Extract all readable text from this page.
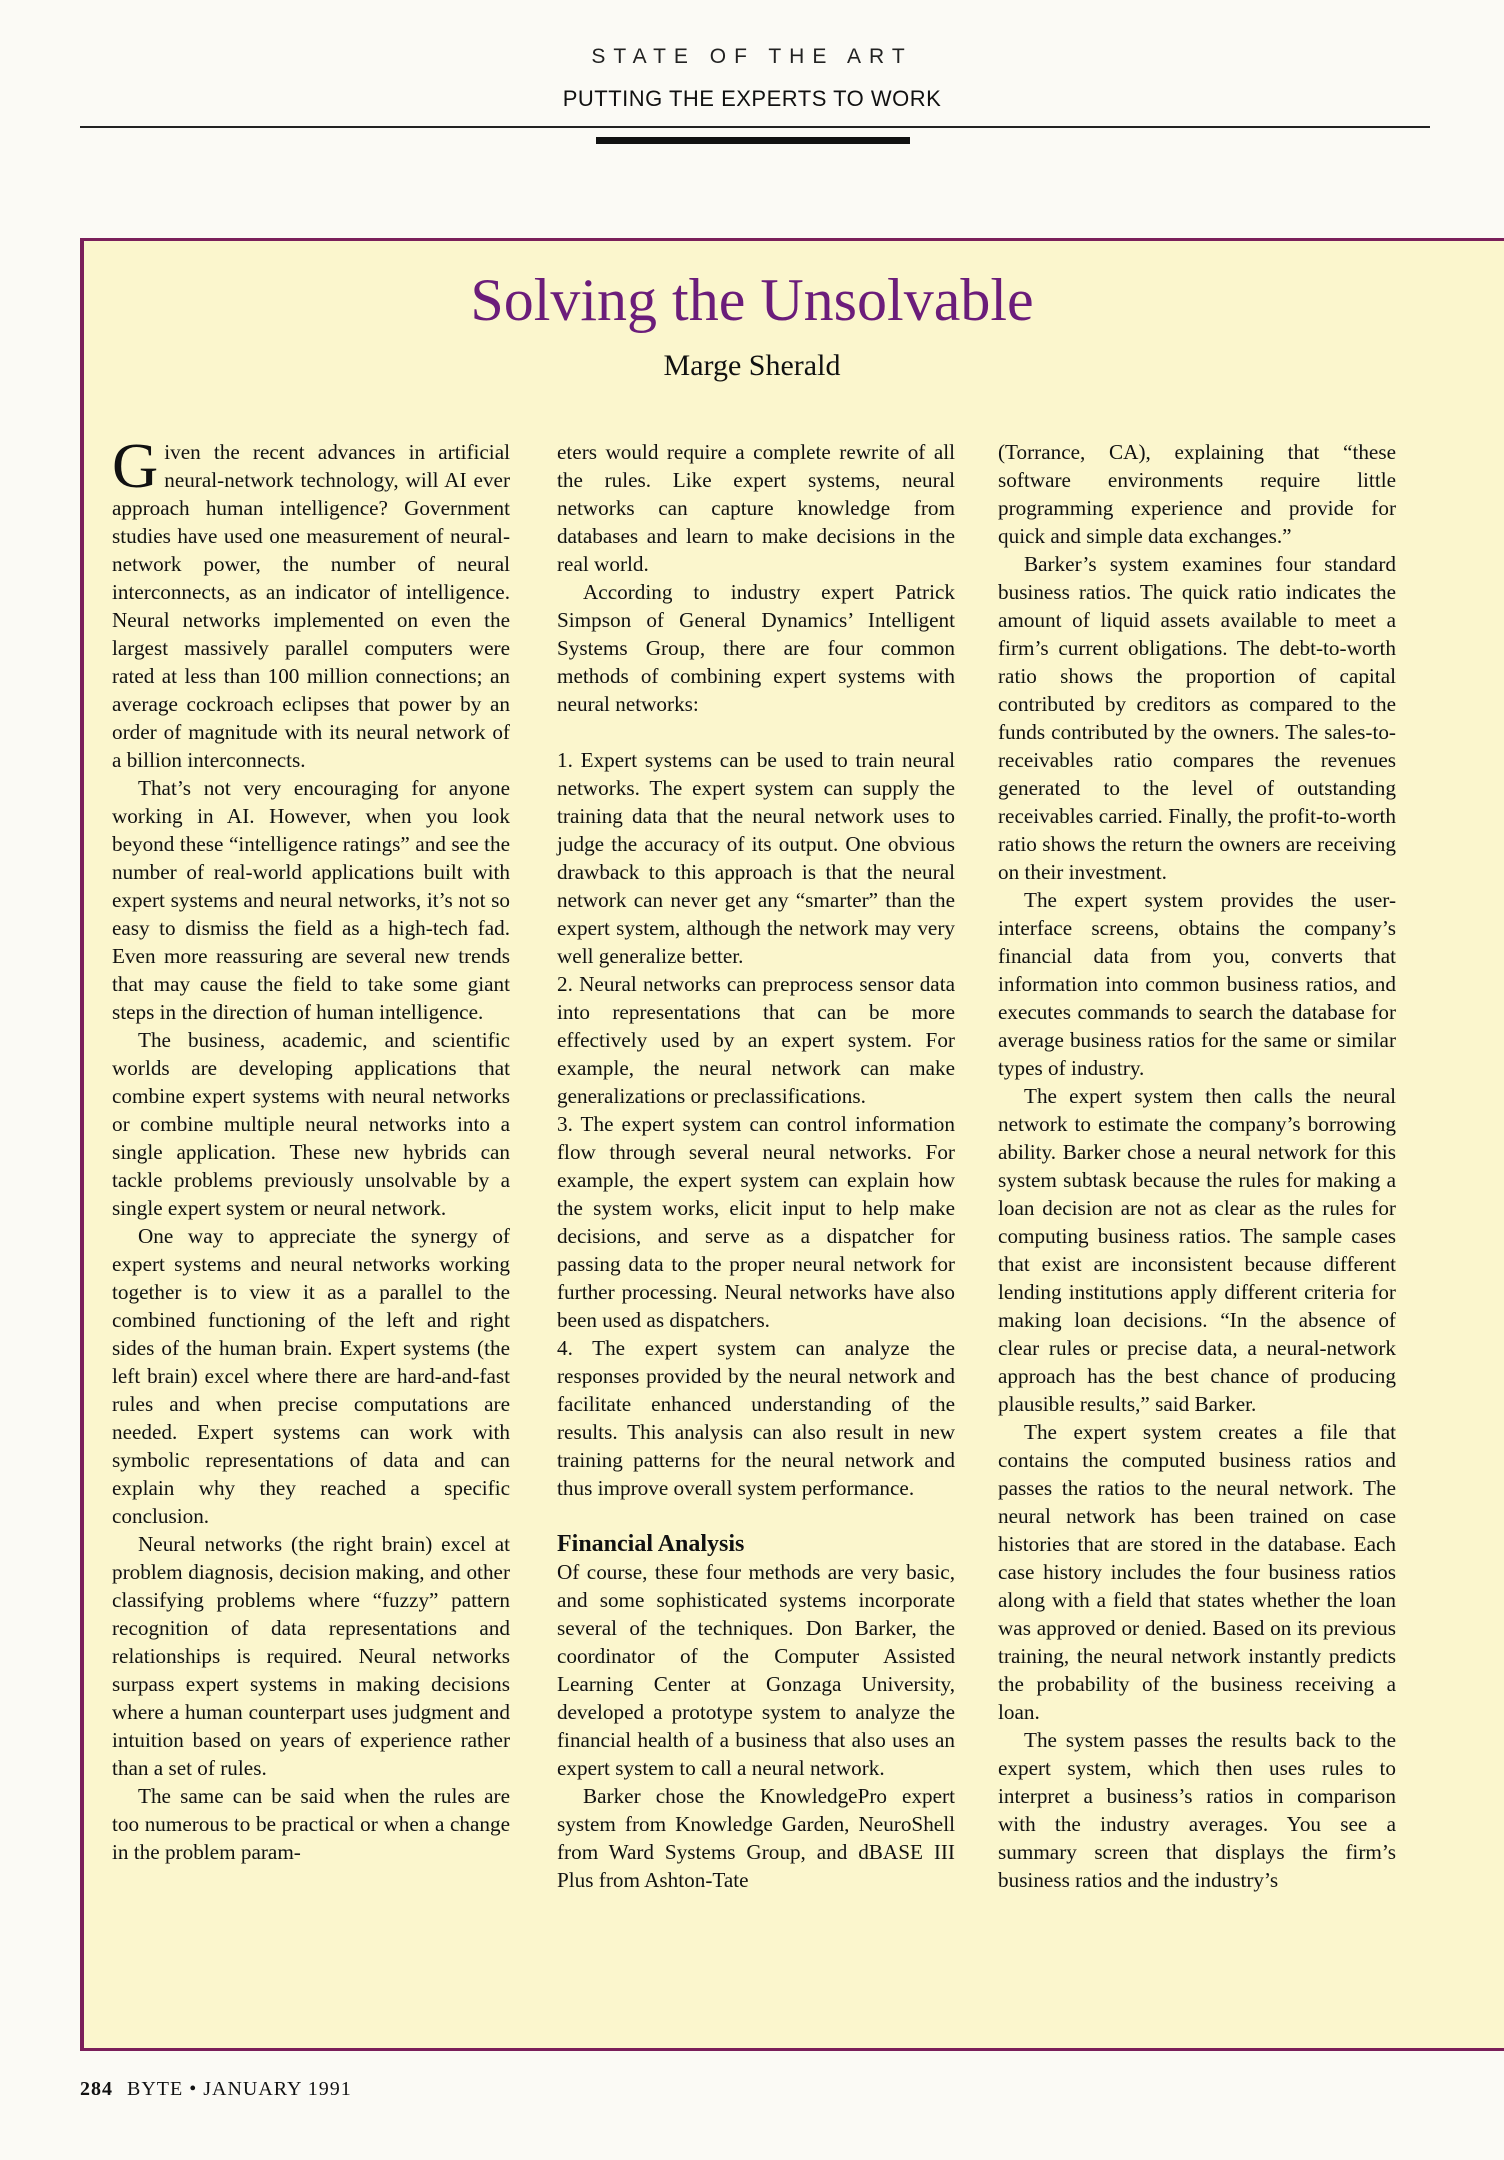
STATE OF THE ART
PUTTING THE EXPERTS TO WORK
Solving the Unsolvable
Marge Sherald

Given the recent advances in artificial neural-network technology, will AI ever approach human intelligence? Government studies have used one measurement of neural-network power, the number of neural interconnects, as an indicator of intelligence. Neural networks implemented on even the largest massively parallel computers were rated at less than 100 million connections; an average cockroach eclipses that power by an order of magnitude with its neural network of a billion interconnects.

That’s not very encouraging for anyone working in AI. However, when you look beyond these “intelligence ratings” and see the number of real-world applications built with expert systems and neural networks, it’s not so easy to dismiss the field as a high-tech fad. Even more reassuring are several new trends that may cause the field to take some giant steps in the direction of human intelligence.

The business, academic, and scientific worlds are developing applications that combine expert systems with neural networks or combine multiple neural networks into a single application. These new hybrids can tackle problems previously unsolvable by a single expert system or neural network.

One way to appreciate the synergy of expert systems and neural networks working together is to view it as a parallel to the combined functioning of the left and right sides of the human brain. Expert systems (the left brain) excel where there are hard-and-fast rules and when precise computations are needed. Expert systems can work with symbolic representations of data and can explain why they reached a specific conclusion.

Neural networks (the right brain) excel at problem diagnosis, decision making, and other classifying problems where “fuzzy” pattern recognition of data representations and relationships is required. Neural networks surpass expert systems in making decisions where a human counterpart uses judgment and intuition based on years of experience rather than a set of rules.

The same can be said when the rules are too numerous to be practical or when a change in the problem param-

eters would require a complete rewrite of all the rules. Like expert systems, neural networks can capture knowledge from databases and learn to make decisions in the real world.

According to industry expert Patrick Simpson of General Dynamics’ Intelligent Systems Group, there are four common methods of combining expert systems with neural networks:

1. Expert systems can be used to train neural networks. The expert system can supply the training data that the neural network uses to judge the accuracy of its output. One obvious drawback to this approach is that the neural network can never get any “smarter” than the expert system, although the network may very well generalize better.

2. Neural networks can preprocess sensor data into representations that can be more effectively used by an expert system. For example, the neural network can make generalizations or preclassifications.

3. The expert system can control information flow through several neural networks. For example, the expert system can explain how the system works, elicit input to help make decisions, and serve as a dispatcher for passing data to the proper neural network for further processing. Neural networks have also been used as dispatchers.

4. The expert system can analyze the responses provided by the neural network and facilitate enhanced understanding of the results. This analysis can also result in new training patterns for the neural network and thus improve overall system performance.

Financial Analysis

Of course, these four methods are very basic, and some sophisticated systems incorporate several of the techniques. Don Barker, the coordinator of the Computer Assisted Learning Center at Gonzaga University, developed a prototype system to analyze the financial health of a business that also uses an expert system to call a neural network.

Barker chose the KnowledgePro expert system from Knowledge Garden, NeuroShell from Ward Systems Group, and dBASE III Plus from Ashton-Tate

(Torrance, CA), explaining that “these software environments require little programming experience and provide for quick and simple data exchanges.”

Barker’s system examines four standard business ratios. The quick ratio indicates the amount of liquid assets available to meet a firm’s current obligations. The debt-to-worth ratio shows the proportion of capital contributed by creditors as compared to the funds contributed by the owners. The sales-to-receivables ratio compares the revenues generated to the level of outstanding receivables carried. Finally, the profit-to-worth ratio shows the return the owners are receiving on their investment.

The expert system provides the user-interface screens, obtains the company’s financial data from you, converts that information into common business ratios, and executes commands to search the database for average business ratios for the same or similar types of industry.

The expert system then calls the neural network to estimate the company’s borrowing ability. Barker chose a neural network for this system subtask because the rules for making a loan decision are not as clear as the rules for computing business ratios. The sample cases that exist are inconsistent because different lending institutions apply different criteria for making loan decisions. “In the absence of clear rules or precise data, a neural-network approach has the best chance of producing plausible results,” said Barker.

The expert system creates a file that contains the computed business ratios and passes the ratios to the neural network. The neural network has been trained on case histories that are stored in the database. Each case history includes the four business ratios along with a field that states whether the loan was approved or denied. Based on its previous training, the neural network instantly predicts the probability of the business receiving a loan.

The system passes the results back to the expert system, which then uses rules to interpret a business’s ratios in comparison with the industry averages. You see a summary screen that displays the firm’s business ratios and the industry’s

284 BYTE • JANUARY 1991
